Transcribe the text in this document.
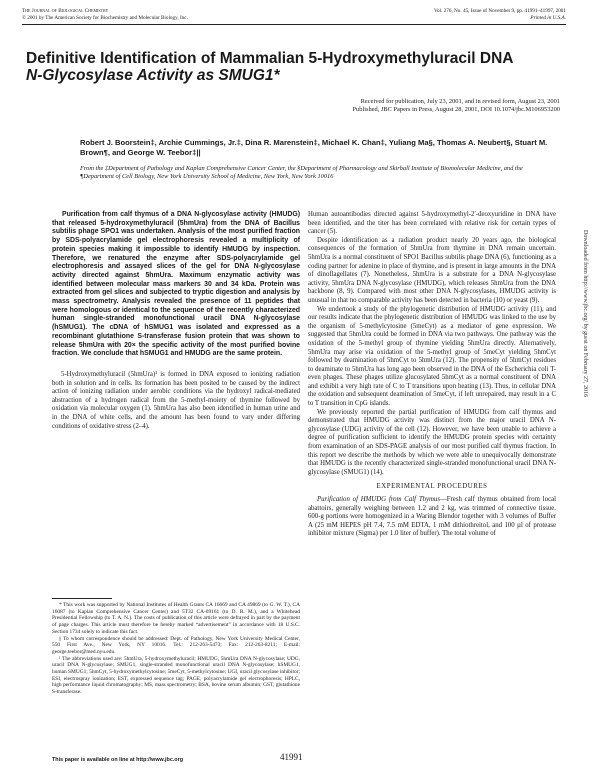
The Journal of Biological Chemistry
© 2001 by The American Society for Biochemistry and Molecular Biology, Inc.
Vol. 276, No. 45, Issue of November 9, pp. 41991–41997, 2001
Printed in U.S.A.
Definitive Identification of Mammalian 5-Hydroxymethyluracil DNA
N-Glycosylase Activity as SMUG1*
Received for publication, July 23, 2001, and in revised form, August 23, 2001
Published, JBC Papers in Press, August 28, 2001, DOI 10.1074/jbc.M106953200
Robert J. Boorstein‡, Archie Cummings, Jr.‡, Dina R. Marenstein‡, Michael K. Chan‡, Yuliang Ma§, Thomas A. Neubert§, Stuart M. Brown¶, and George W. Teebor‡||
From the ‡Department of Pathology and Kaplan Comprehensive Cancer Center, the §Department of Pharmacology and Skirball Institute of Biomolecular Medicine, and the ¶Department of Cell Biology, New York University School of Medicine, New York, New York 10016

Purification from calf thymus of a DNA N-glycosylase activity (HMUDG) that released 5-hydroxymethyluracil (5hmUra) from the DNA of Bacillus subtilis phage SPO1 was undertaken. Analysis of the most purified fraction by SDS-polyacrylamide gel electrophoresis revealed a multiplicity of protein species making it impossible to identify HMUDG by inspection. Therefore, we renatured the enzyme after SDS-polyacrylamide gel electrophoresis and assayed slices of the gel for DNA N-glycosylase activity directed against 5hmUra. Maximum enzymatic activity was identified between molecular mass markers 30 and 34 kDa. Protein was extracted from gel slices and subjected to tryptic digestion and analysis by mass spectrometry. Analysis revealed the presence of 11 peptides that were homologous or identical to the sequence of the recently characterized human single-stranded monofunctional uracil DNA N-glycosylase (hSMUG1). The cDNA of hSMUG1 was isolated and expressed as a recombinant glutathione S-transferase fusion protein that was shown to release 5hmUra with 20× the specific activity of the most purified bovine fraction. We conclude that hSMUG1 and HMUDG are the same protein.

5-Hydroxymethyluracil (5hmUra)¹ is formed in DNA exposed to ionizing radiation both in solution and in cells. Its formation has been posited to be caused by the indirect action of ionizing radiation under aerobic conditions via the hydroxyl radical-mediated abstraction of a hydrogen radical from the 5-methyl-moiety of thymine followed by oxidation via molecular oxygen (1). 5hmUra has also been identified in human urine and in the DNA of white cells, and the amount has been found to vary under differing conditions of oxidative stress (2–4).

* This work was supported by National Institutes of Health Grants CA 16669 and CA 49869 (to G. W. T.), CA 16087 (to Kaplan Comprehensive Cancer Center) and 5T32 CA-09161 (to D. R. M.), and a Whitehead Presidential Fellowship (to T. A. N.). The costs of publication of this article were defrayed in part by the payment of page charges. This article must therefore be hereby marked “advertisement” in accordance with 18 U.S.C. Section 1734 solely to indicate this fact.

|| To whom correspondence should be addressed: Dept. of Pathology, New York University Medical Center, 550 First Ave., New York, NY 10016. Tel.: 212-263-5473; Fax: 212-263-8211; E-mail: george.teebor@med.nyu.edu.

¹ The abbreviations used are: 5hmUra, 5-hydroxymethyluracil; HMUDG, 5hmUra DNA N-glycosylase; UDG, uracil DNA N-glycosylase; SMUG1, single-stranded monofunctional uracil DNA N-glycosylase; hSMUG1, human SMUG1; 5hmCyt, 5-hydroxymethylcytosine; 5meCyt, 5-methylcytosine; UGI, uracil glycosylase inhibitor; ESI, electrospray ionization; EST, expressed sequence tag; PAGE, polyacrylamide gel electrophoresis; HPLC, high performance liquid chromatography; MS, mass spectrometry; BSA, bovine serum albumin; GST, glutathione S-transferase.

Human autoantibodies directed against 5-hydroxymethyl-2′-deoxyuridine in DNA have been identified, and the titer has been correlated with relative risk for certain types of cancer (5).

Despite identification as a radiation product nearly 20 years ago, the biological consequences of the formation of 5hmUra from thymine in DNA remain uncertain. 5hmUra is a normal constituent of SPO1 Bacillus subtilis phage DNA (6), functioning as a coding partner for adenine in place of thymine, and is present in large amounts in the DNA of dinoflagellates (7). Nonetheless, 5hmUra is a substrate for a DNA N-glycosylase activity, 5hmUra DNA N-glycosylase (HMUDG), which releases 5hmUra from the DNA backbone (8, 9). Compared with most other DNA N-glycosylases, HMUDG activity is unusual in that no comparable activity has been detected in bacteria (10) or yeast (9).

We undertook a study of the phylogenetic distribution of HMUDG activity (11), and our results indicate that the phylogenetic distribution of HMUDG was linked to the use by the organism of 5-methylcytosine (5meCyt) as a mediator of gene expression. We suggested that 5hmUra could be formed in DNA via two pathways. One pathway was the oxidation of the 5-methyl group of thymine yielding 5hmUra directly. Alternatively, 5hmUra may arise via oxidation of the 5-methyl group of 5meCyt yielding 5hmCyt followed by deamination of 5hmCyt to 5hmUra (12). The propensity of 5hmCyt residues to deaminate to 5hmUra has long ago been observed in the DNA of the Escherichia coli T-even phages. These phages utilize glucosylated 5hmCyt as a normal constituent of DNA and exhibit a very high rate of C to T transitions upon heating (13). Thus, in cellular DNA the oxidation and subsequent deamination of 5meCyt, if left unrepaired, may result in a C to T transition in CpG islands.

We previously reported the partial purification of HMUDG from calf thymus and demonstrated that HMUDG activity was distinct from the major uracil DNA N-glycosylase (UDG) activity of the cell (12). However, we have been unable to achieve a degree of purification sufficient to identify the HMUDG protein species with certainty from examination of an SDS-PAGE analysis of our most purified calf thymus fraction. In this report we describe the methods by which we were able to unequivocally demonstrate that HMUDG is the recently characterized single-stranded monofunctional uracil DNA N-glycosylase (SMUG1) (14).

EXPERIMENTAL PROCEDURES

Purification of HMUDG from Calf Thymus—Fresh calf thymus obtained from local abattoirs, generally weighing between 1.2 and 2 kg, was trimmed of connective tissue. 600-g portions were homogenized in a Waring Blendor together with 3 volumes of Buffer A (25 mM HEPES pH 7.4, 7.5 mM EDTA, 1 mM dithiothreitol, and 100 µl of protease inhibitor mixture (Sigma) per 1.0 liter of buffer). The total volume of

Downloaded from http://www.jbc.org/ by guest on February 27, 2016
This paper is available on line at http://www.jbc.org	41991
